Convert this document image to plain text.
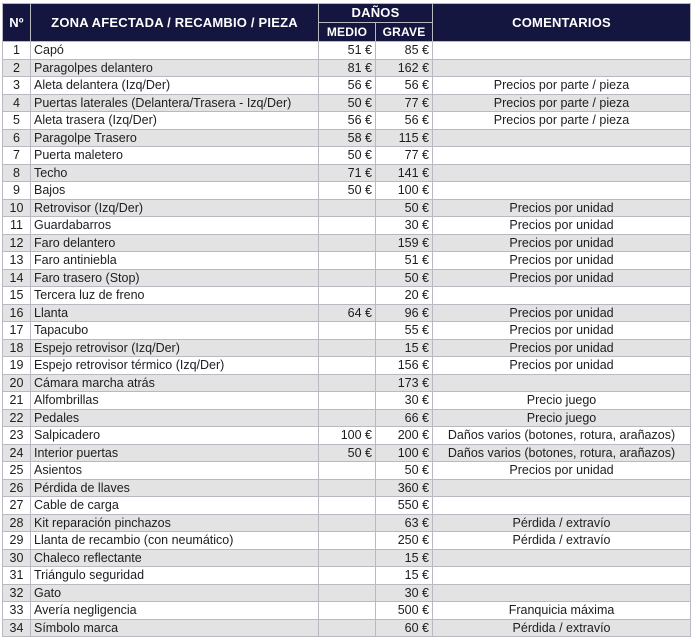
Nº	ZONA AFECTADA / RECAMBIO / PIEZA	DAÑOS		COMENTARIOS
		MEDIO	GRAVE	
1	Capó	51 €	85 €	
2	Paragolpes delantero	81 €	162 €	
3	Aleta delantera (Izq/Der)	56 €	56 €	Precios por parte / pieza
4	Puertas laterales (Delantera/Trasera - Izq/Der)	50 €	77 €	Precios por parte / pieza
5	Aleta trasera (Izq/Der)	56 €	56 €	Precios por parte / pieza
6	Paragolpe Trasero	58 €	115 €	
7	Puerta maletero	50 €	77 €	
8	Techo	71 €	141 €	
9	Bajos	50 €	100 €	
10	Retrovisor (Izq/Der)		50 €	Precios por unidad
11	Guardabarros		30 €	Precios por unidad
12	Faro delantero		159 €	Precios por unidad
13	Faro antiniebla		51 €	Precios por unidad
14	Faro trasero (Stop)		50 €	Precios por unidad
15	Tercera luz de freno		20 €	
16	Llanta	64 €	96 €	Precios por unidad
17	Tapacubo		55 €	Precios por unidad
18	Espejo retrovisor (Izq/Der)		15 €	Precios por unidad
19	Espejo retrovisor térmico (Izq/Der)		156 €	Precios por unidad
20	Cámara marcha atrás		173 €	
21	Alfombrillas		30 €	Precio juego
22	Pedales		66 €	Precio juego
23	Salpicadero	100 €	200 €	Daños varios (botones, rotura, arañazos)
24	Interior puertas	50 €	100 €	Daños varios (botones, rotura, arañazos)
25	Asientos		50 €	Precios por unidad
26	Pérdida de llaves		360 €	
27	Cable de carga		550 €	
28	Kit reparación pinchazos		63 €	Pérdida / extravío
29	Llanta de recambio (con neumático)		250 €	Pérdida / extravío
30	Chaleco reflectante		15 €	
31	Triángulo seguridad		15 €	
32	Gato		30 €	
33	Avería negligencia		500 €	Franquicia máxima
34	Símbolo marca		60 €	Pérdida / extravío
